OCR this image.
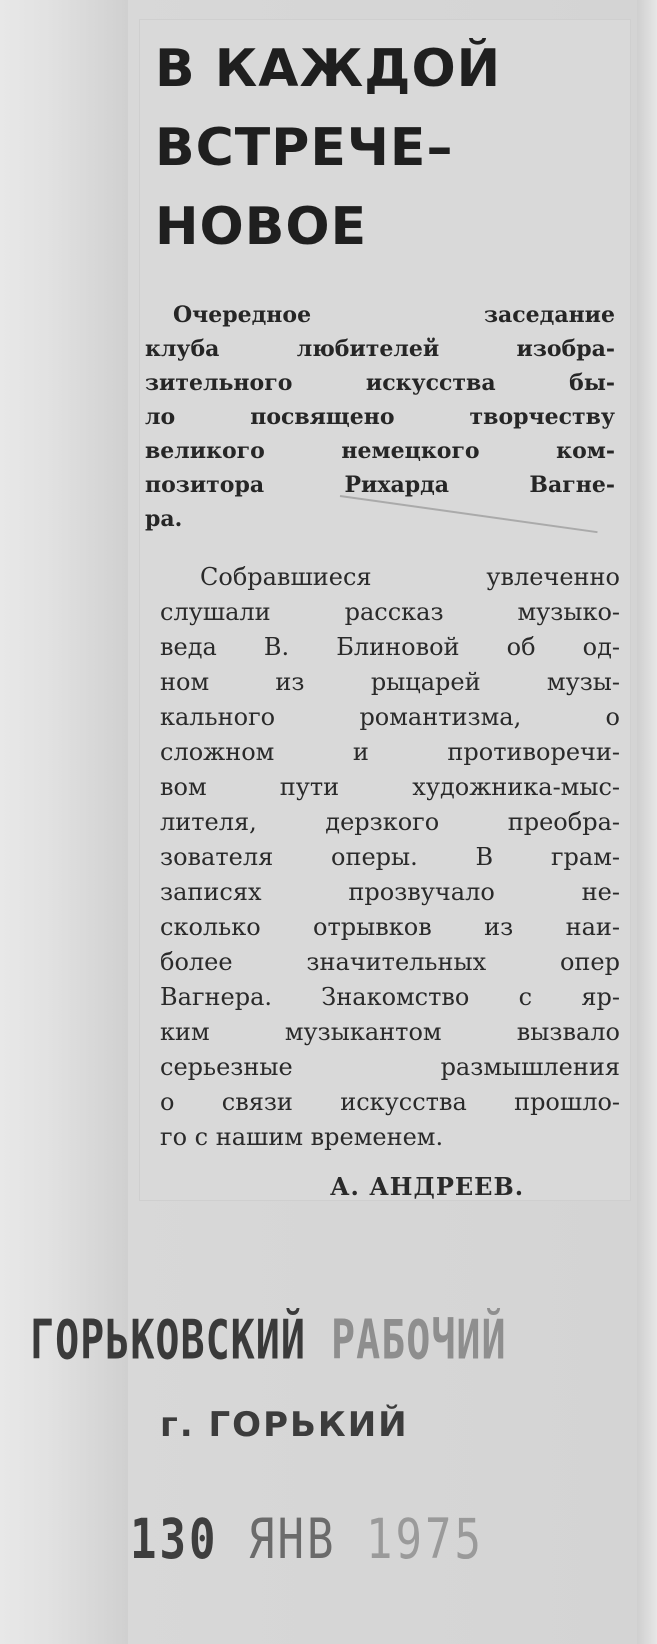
В КАЖДОЙ
ВСТРЕЧЕ–
НОВОЕ
Очередное заседание
клуба любителей изобра-
зительного искусства бы-
ло посвящено творчеству
великого немецкого ком-
позитора Рихарда Вагне-
ра.
Собравшиеся увлеченно
слушали рассказ музыко-
веда В. Блиновой об од-
ном из рыцарей музы-
кального романтизма, о
сложном и противоречи-
вом пути художника-мыс-
лителя, дерзкого преобра-
зователя оперы. В грам-
записях прозвучало не-
сколько отрывков из наи-
более значительных опер
Вагнера. Знакомство с яр-
ким музыкантом вызвало
серьезные размышления
о связи искусства прошло-
го с нашим временем.

А. АНДРЕЕВ.

ГОРЬКОВСКИЙ РАБОЧИЙ

г. ГОРЬКИЙ

130 ЯНВ 1975
